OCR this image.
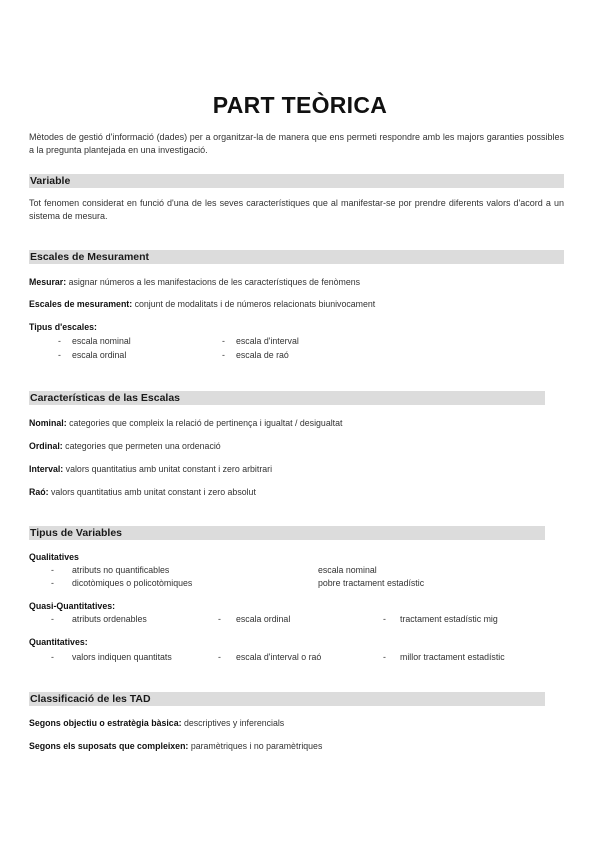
PART TEÒRICA
Mètodes de gestió d'informació (dades) per a organitzar-la de manera que ens permeti respondre amb les majors garanties possibles a la pregunta plantejada en una investigació.
Variable
Tot fenomen considerat en funció d'una de les seves característiques que al manifestar-se por prendre diferents valors d'acord a un sistema de mesura.
Escales de Mesurament
Mesurar: asignar números a les manifestacions de les característiques de fenòmens
Escales de mesurament: conjunt de modalitats i de números relacionats biunivocament
Tipus d'escales:
- escala nominal	- escala d'interval
- escala ordinal	- escala de raó
Características de las Escalas
Nominal: categories que compleix la relació de pertinença i igualtat / desigualtat
Ordinal: categories que permeten una ordenació
Interval: valors quantitatius amb unitat constant i zero arbitrari
Raó: valors quantitatius amb unitat constant i zero absolut
Tipus de Variables
Qualitatives
- atributs no quantificables	escala nominal
- dicotòmiques o policotòmiques	pobre tractament estadístic
Quasi-Quantitatives:
- atributs ordenables	- escala ordinal	- tractament estadístic mig
Quantitatives:
- valors indiquen quantitats	- escala d'interval o raó	- millor tractament estadístic
Classificació de les TAD
Segons objectiu o estratègia bàsica: descriptives y inferencials
Segons els suposats que compleixen: paramètriques i no paramètriques
